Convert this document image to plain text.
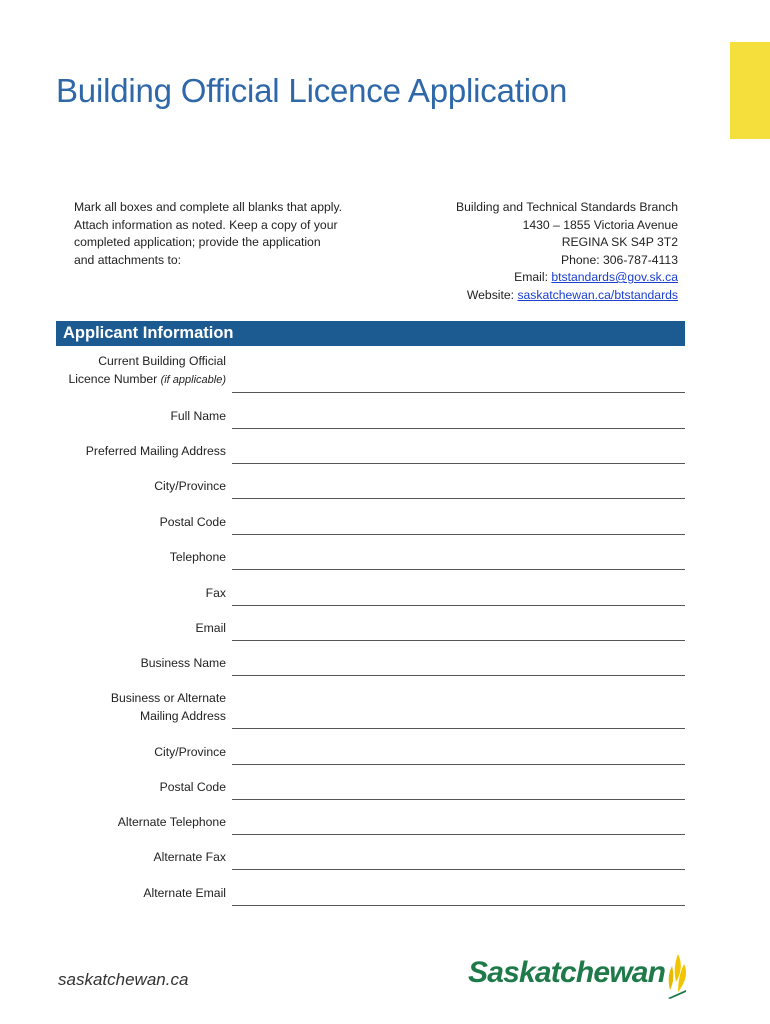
Building Official Licence Application

Mark all boxes and complete all blanks that apply.

Attach information as noted. Keep a copy of your

completed application; provide the application

and attachments to:

Building and Technical Standards Branch
1430 – 1855 Victoria Avenue
REGINA SK S4P 3T2
Phone: 306-787-4113
Email: btstandards@gov.sk.ca
Website: saskatchewan.ca/btstandards
Applicant Information
Current Building Official
Licence Number (if applicable)
Full Name
Preferred Mailing Address
City/Province
Postal Code
Telephone
Fax
Email
Business Name
Business or Alternate
Mailing Address
City/Province
Postal Code
Alternate Telephone
Alternate Fax
Alternate Email
saskatchewan.ca	Saskatchewan
